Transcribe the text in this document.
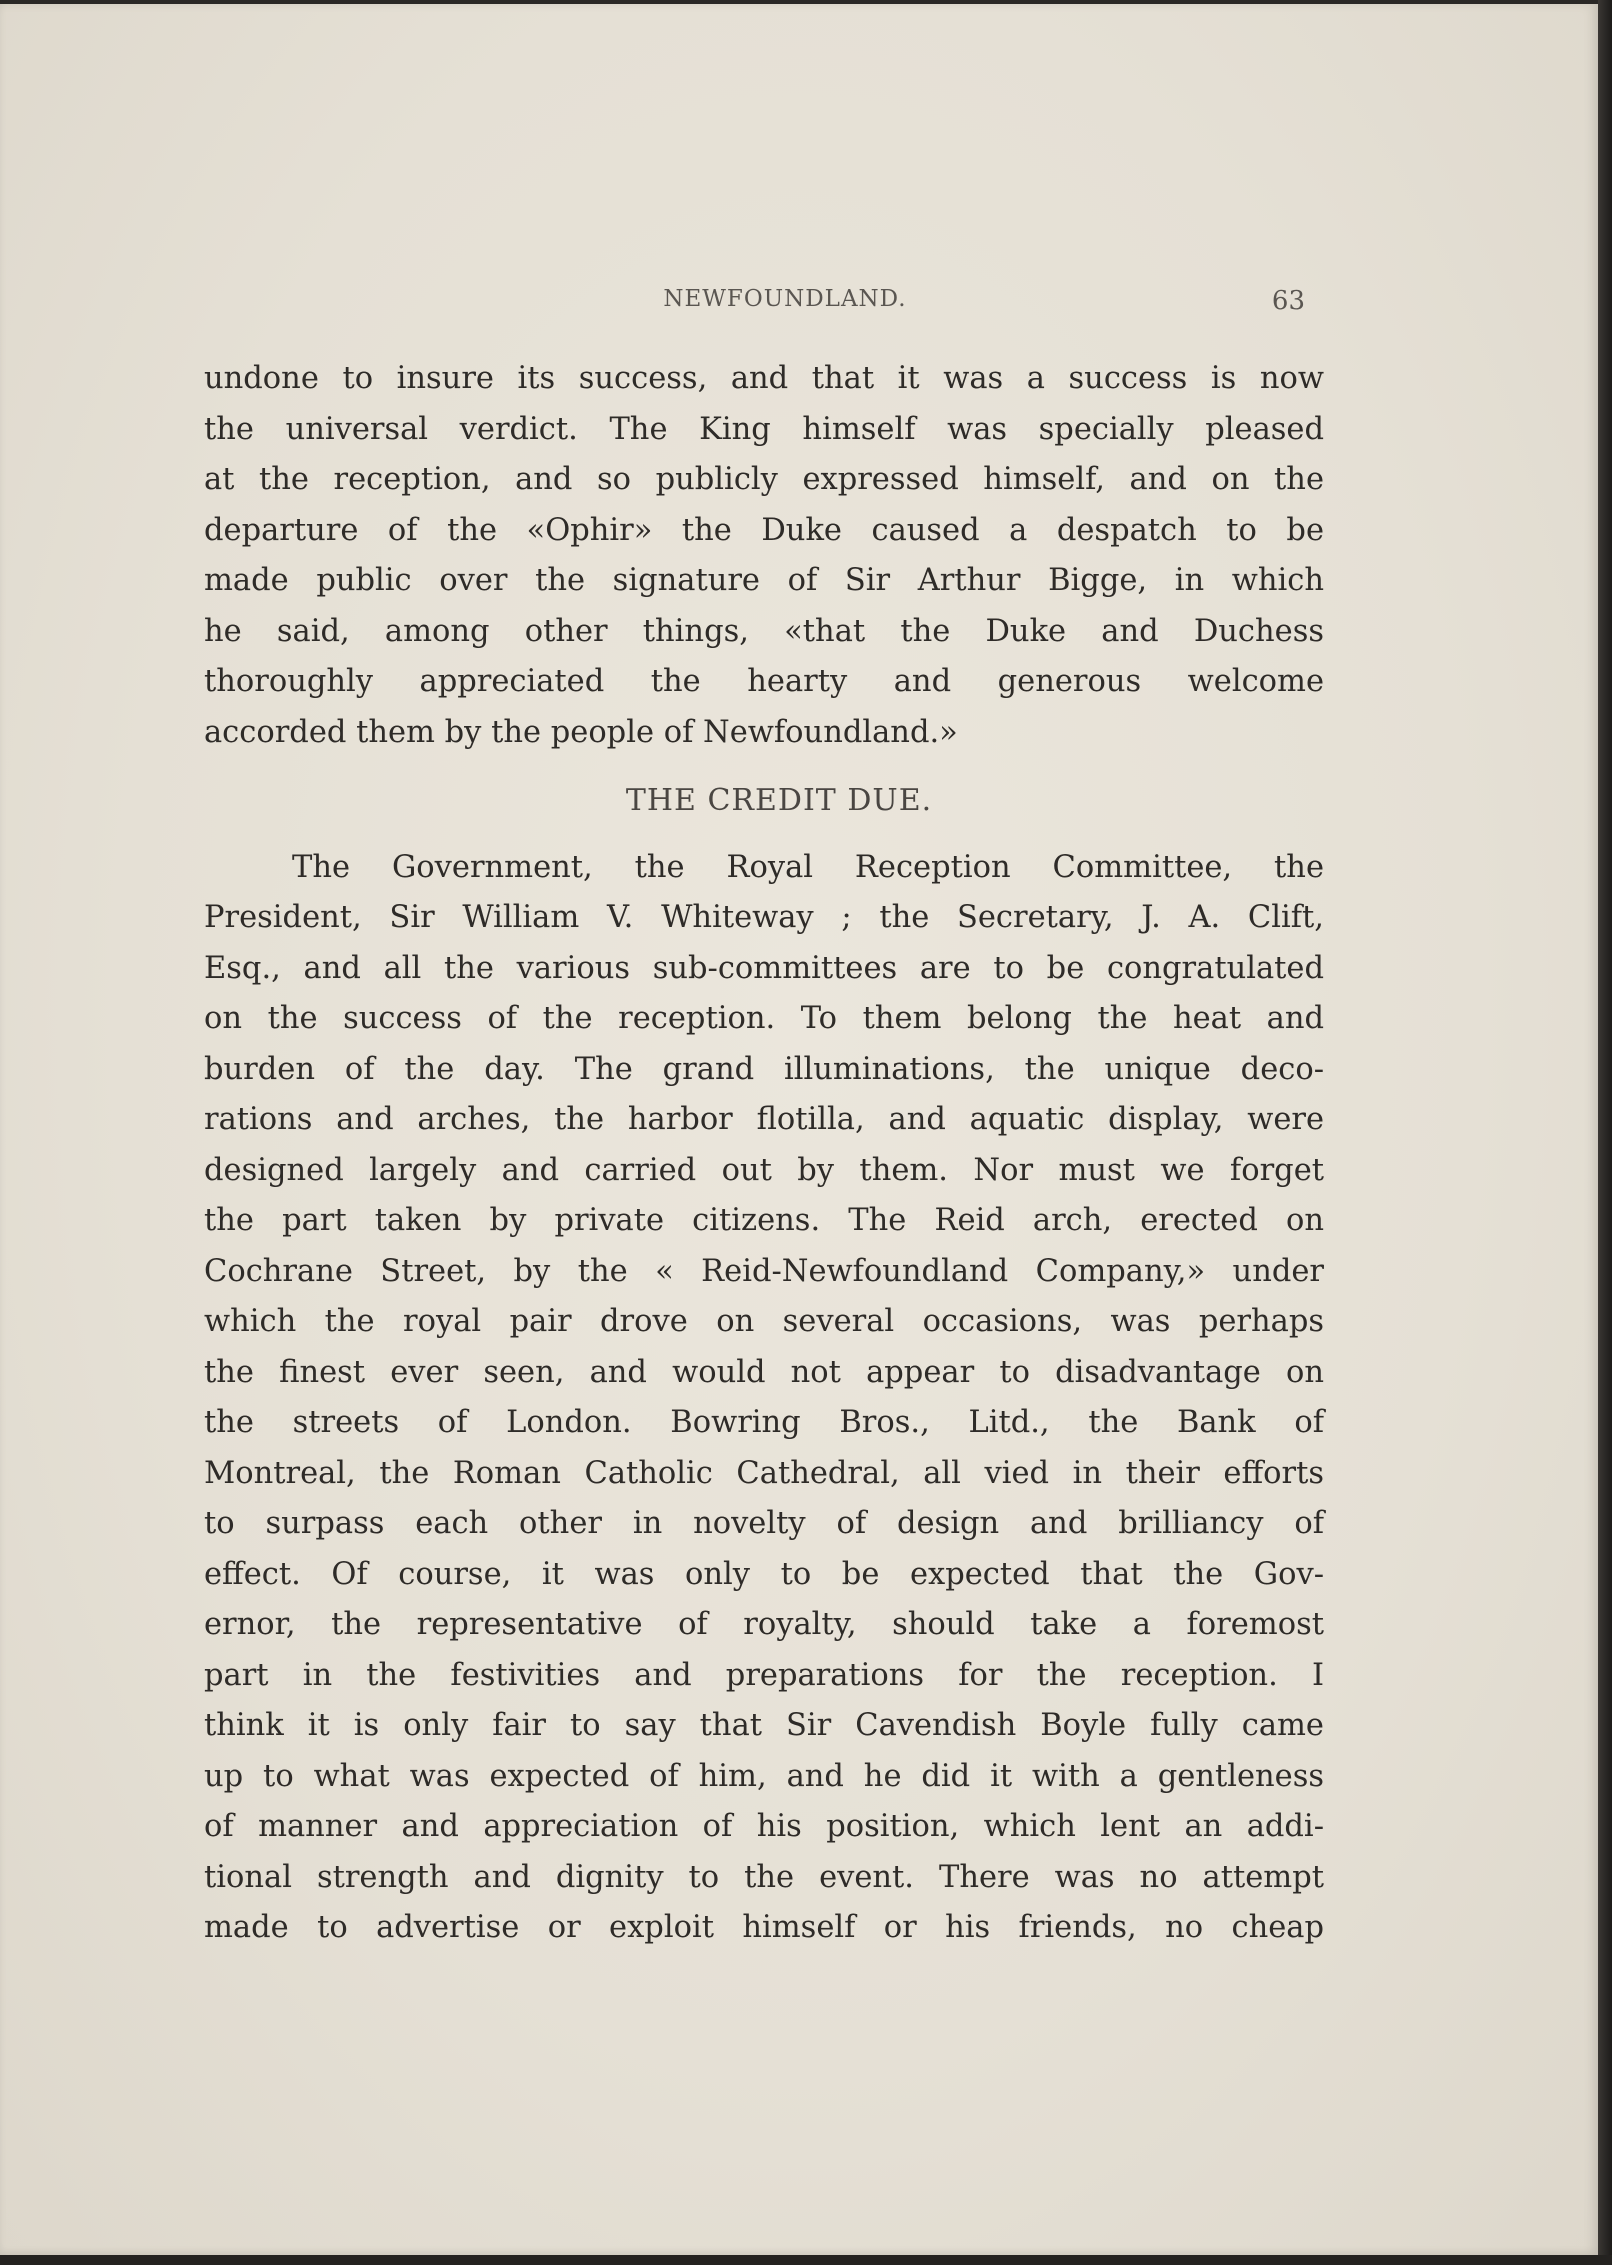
NEWFOUNDLAND.	63
undone to insure its success, and that it was a success is now
the universal verdict. The King himself was specially pleased
at the reception, and so publicly expressed himself, and on the
departure of the «Ophir» the Duke caused a despatch to be
made public over the signature of Sir Arthur Bigge, in which
he said, among other things, «that the Duke and Duchess
thoroughly appreciated the hearty and generous welcome
accorded them by the people of Newfoundland.»
THE CREDIT DUE.
The Government, the Royal Reception Committee, the
President, Sir William V. Whiteway ; the Secretary, J. A. Clift,
Esq., and all the various sub-committees are to be congratulated
on the success of the reception. To them belong the heat and
burden of the day. The grand illuminations, the unique deco-
rations and arches, the harbor flotilla, and aquatic display, were
designed largely and carried out by them. Nor must we forget
the part taken by private citizens. The Reid arch, erected on
Cochrane Street, by the « Reid-Newfoundland Company,» under
which the royal pair drove on several occasions, was perhaps
the finest ever seen, and would not appear to disadvantage on
the streets of London. Bowring Bros., Litd., the Bank of
Montreal, the Roman Catholic Cathedral, all vied in their efforts
to surpass each other in novelty of design and brilliancy of
effect. Of course, it was only to be expected that the Gov-
ernor, the representative of royalty, should take a foremost
part in the festivities and preparations for the reception. I
think it is only fair to say that Sir Cavendish Boyle fully came
up to what was expected of him, and he did it with a gentleness
of manner and appreciation of his position, which lent an addi-
tional strength and dignity to the event. There was no attempt
made to advertise or exploit himself or his friends, no cheap
